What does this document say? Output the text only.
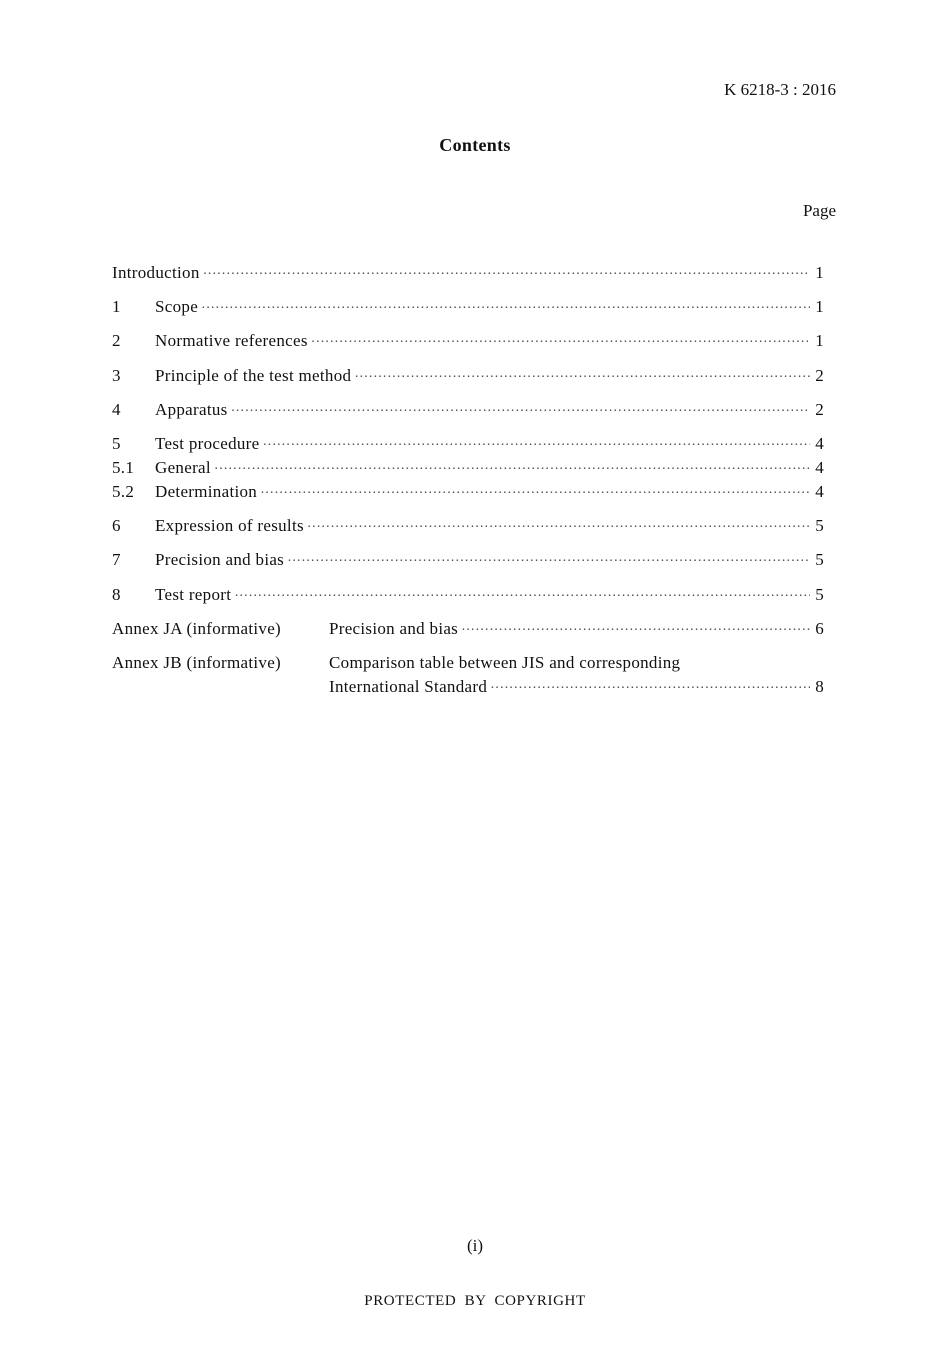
K 6218-3 : 2016
Contents
Page
Introduction ·····	1
1	Scope ·····	1
2	Normative references ·····	1
3	Principle of the test method ·····	2
4	Apparatus ·····	2
5	Test procedure ·····	4
5.1	General ·····	4
5.2	Determination ·····	4
6	Expression of results ·····	5
7	Precision and bias ·····	5
8	Test report ·····	5
Annex JA (informative)	Precision and bias ·····	6
Annex JB (informative)	Comparison table between JIS and corresponding
International Standard ·····	8
(i)
PROTECTED BY COPYRIGHT
